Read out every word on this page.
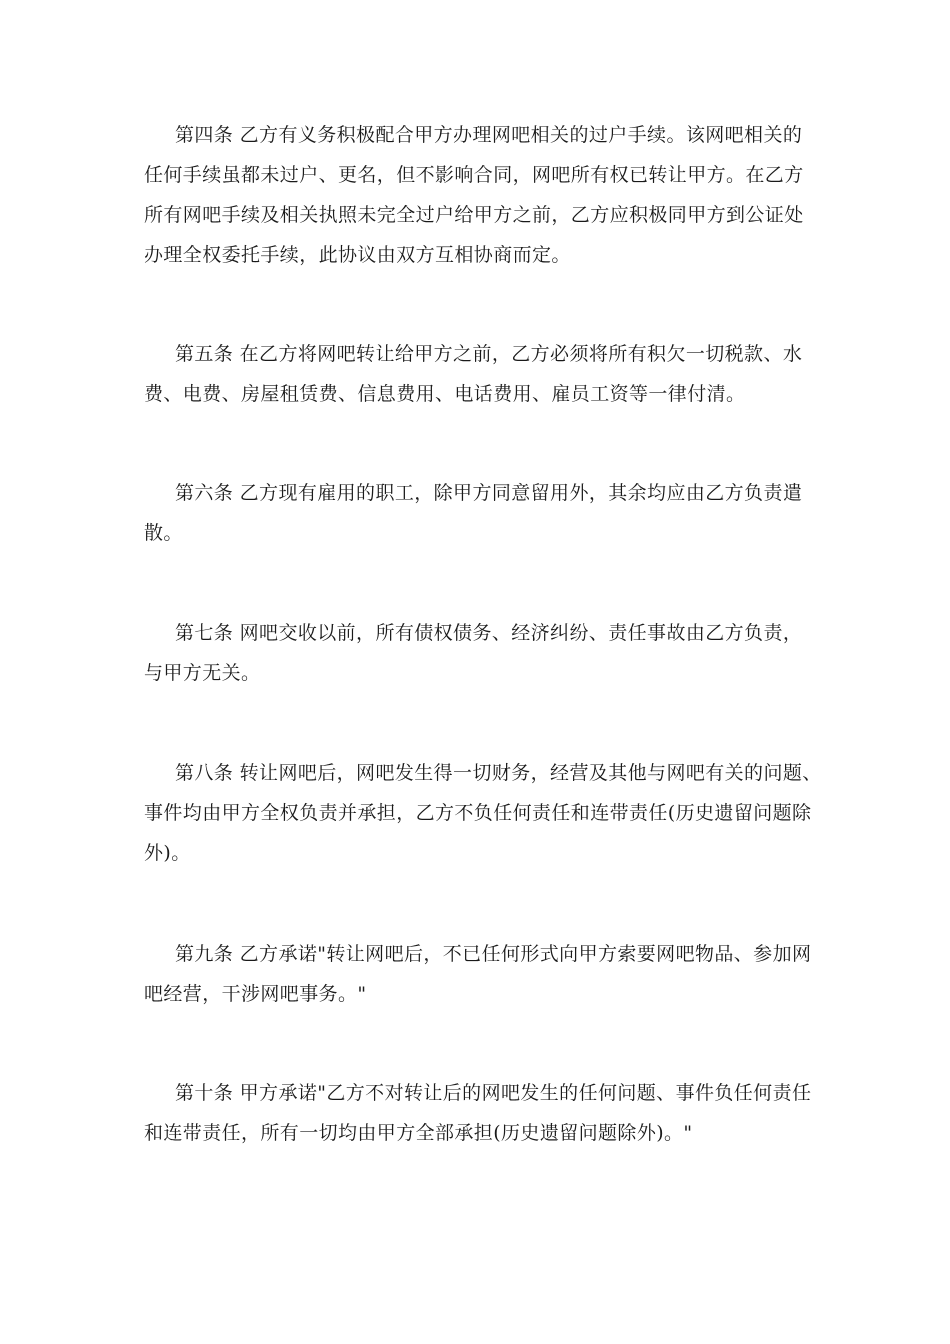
第四条 乙方有义务积极配合甲方办理网吧相关的过户手续。该网吧相关的
任何手续虽都未过户、更名，但不影响合同，网吧所有权已转让甲方。在乙方
所有网吧手续及相关执照未完全过户给甲方之前，乙方应积极同甲方到公证处
办理全权委托手续，此协议由双方互相协商而定。
第五条 在乙方将网吧转让给甲方之前，乙方必须将所有积欠一切税款、水
费、电费、房屋租赁费、信息费用、电话费用、雇员工资等一律付清。
第六条 乙方现有雇用的职工，除甲方同意留用外，其余均应由乙方负责遣
散。
第七条 网吧交收以前，所有债权债务、经济纠纷、责任事故由乙方负责，
与甲方无关。
第八条 转让网吧后，网吧发生得一切财务，经营及其他与网吧有关的问题、
事件均由甲方全权负责并承担，乙方不负任何责任和连带责任(历史遗留问题除
外)。
第九条 乙方承诺"转让网吧后，不已任何形式向甲方索要网吧物品、参加网
吧经营，干涉网吧事务。"
第十条 甲方承诺"乙方不对转让后的网吧发生的任何问题、事件负任何责任
和连带责任，所有一切均由甲方全部承担(历史遗留问题除外)。"
